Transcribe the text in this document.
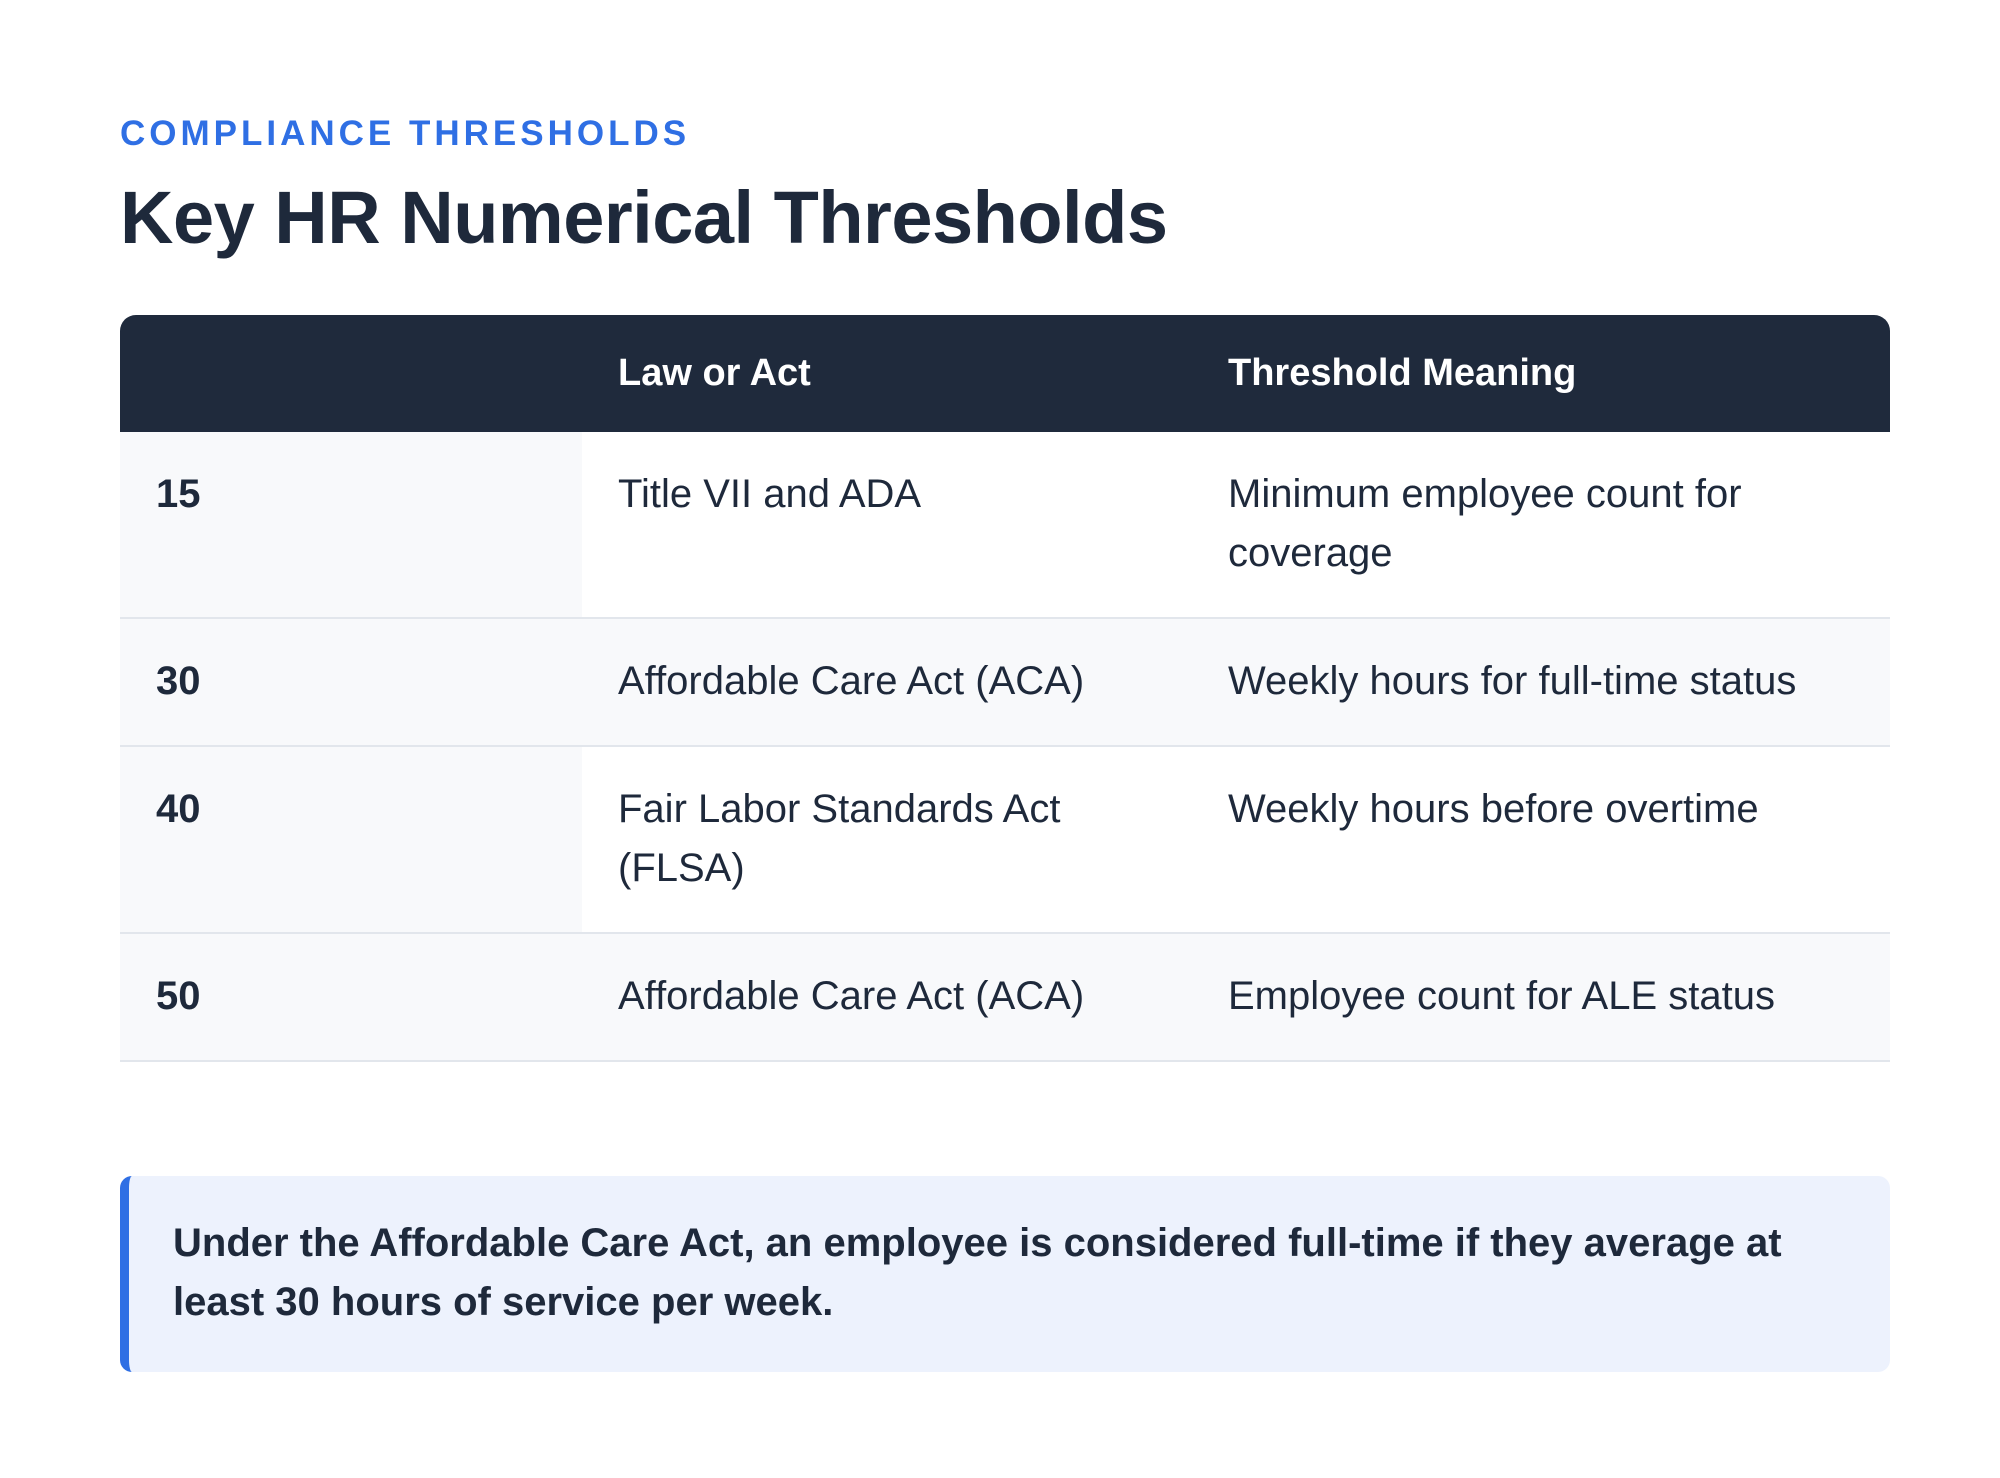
COMPLIANCE THRESHOLDS

Key HR Numerical Thresholds
	Law or Act	Threshold Meaning
15	Title VII and ADA	Minimum employee count for coverage
30	Affordable Care Act (ACA)	Weekly hours for full-time status
40	Fair Labor Standards Act (FLSA)	Weekly hours before overtime
50	Affordable Care Act (ACA)	Employee count for ALE status

Under the Affordable Care Act, an employee is considered full-time if they average at least 30 hours of service per week.
